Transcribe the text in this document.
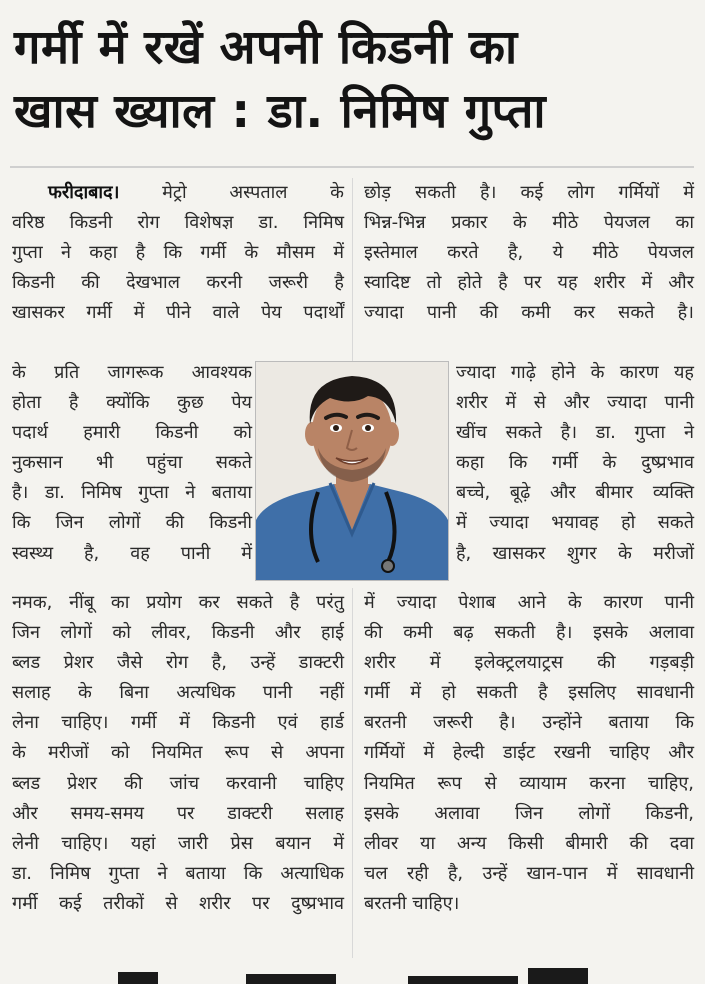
गर्मी में रखें अपनी किडनी का
खास ख्याल : डा. निमिष गुप्ता
फरीदाबाद। मेट्रो अस्पताल के
वरिष्ठ किडनी रोग विशेषज्ञ डा. निमिष
गुप्ता ने कहा है कि गर्मी के मौसम में
किडनी की देखभाल करनी जरूरी है
खासकर गर्मी में पीने वाले पेय पदार्थों
के प्रति जागरूक आवश्यक
होता है क्योंकि कुछ पेय
पदार्थ हमारी किडनी को
नुकसान भी पहुंचा सकते
है। डा. निमिष गुप्ता ने बताया
कि जिन लोगों की किडनी
स्वस्थ्य है, वह पानी में
नमक, नींबू का प्रयोग कर सकते है परंतु
जिन लोगों को लीवर, किडनी और हाई
ब्लड प्रेशर जैसे रोग है, उन्हें डाक्टरी
सलाह के बिना अत्यधिक पानी नहीं
लेना चाहिए। गर्मी में किडनी एवं हार्ड
के मरीजों को नियमित रूप से अपना
ब्लड प्रेशर की जांच करवानी चाहिए
और समय-समय पर डाक्टरी सलाह
लेनी चाहिए। यहां जारी प्रेस बयान में
डा. निमिष गुप्ता ने बताया कि अत्याधिक
गर्मी कई तरीकों से शरीर पर दुष्प्रभाव
छोड़ सकती है। कई लोग गर्मियों में
भिन्न-भिन्न प्रकार के मीठे पेयजल का
इस्तेमाल करते है, ये मीठे पेयजल
स्वादिष्ट तो होते है पर यह शरीर में और
ज्यादा पानी की कमी कर सकते है।
ज्यादा गाढ़े होने के कारण यह
शरीर में से और ज्यादा पानी
खींच सकते है। डा. गुप्ता ने
कहा कि गर्मी के दुष्प्रभाव
बच्चे, बूढ़े और बीमार व्यक्ति
में ज्यादा भयावह हो सकते
है, खासकर शुगर के मरीजों
में ज्यादा पेशाब आने के कारण पानी
की कमी बढ़ सकती है। इसके अलावा
शरीर में इलेक्ट्रलयाट्रस की गड़बड़ी
गर्मी में हो सकती है इसलिए सावधानी
बरतनी जरूरी है। उन्होंने बताया कि
गर्मियों में हेल्दी डाईट रखनी चाहिए और
नियमित रूप से व्यायाम करना चाहिए,
इसके अलावा जिन लोगों किडनी,
लीवर या अन्य किसी बीमारी की दवा
चल रही है, उन्हें खान-पान में सावधानी
बरतनी चाहिए।
